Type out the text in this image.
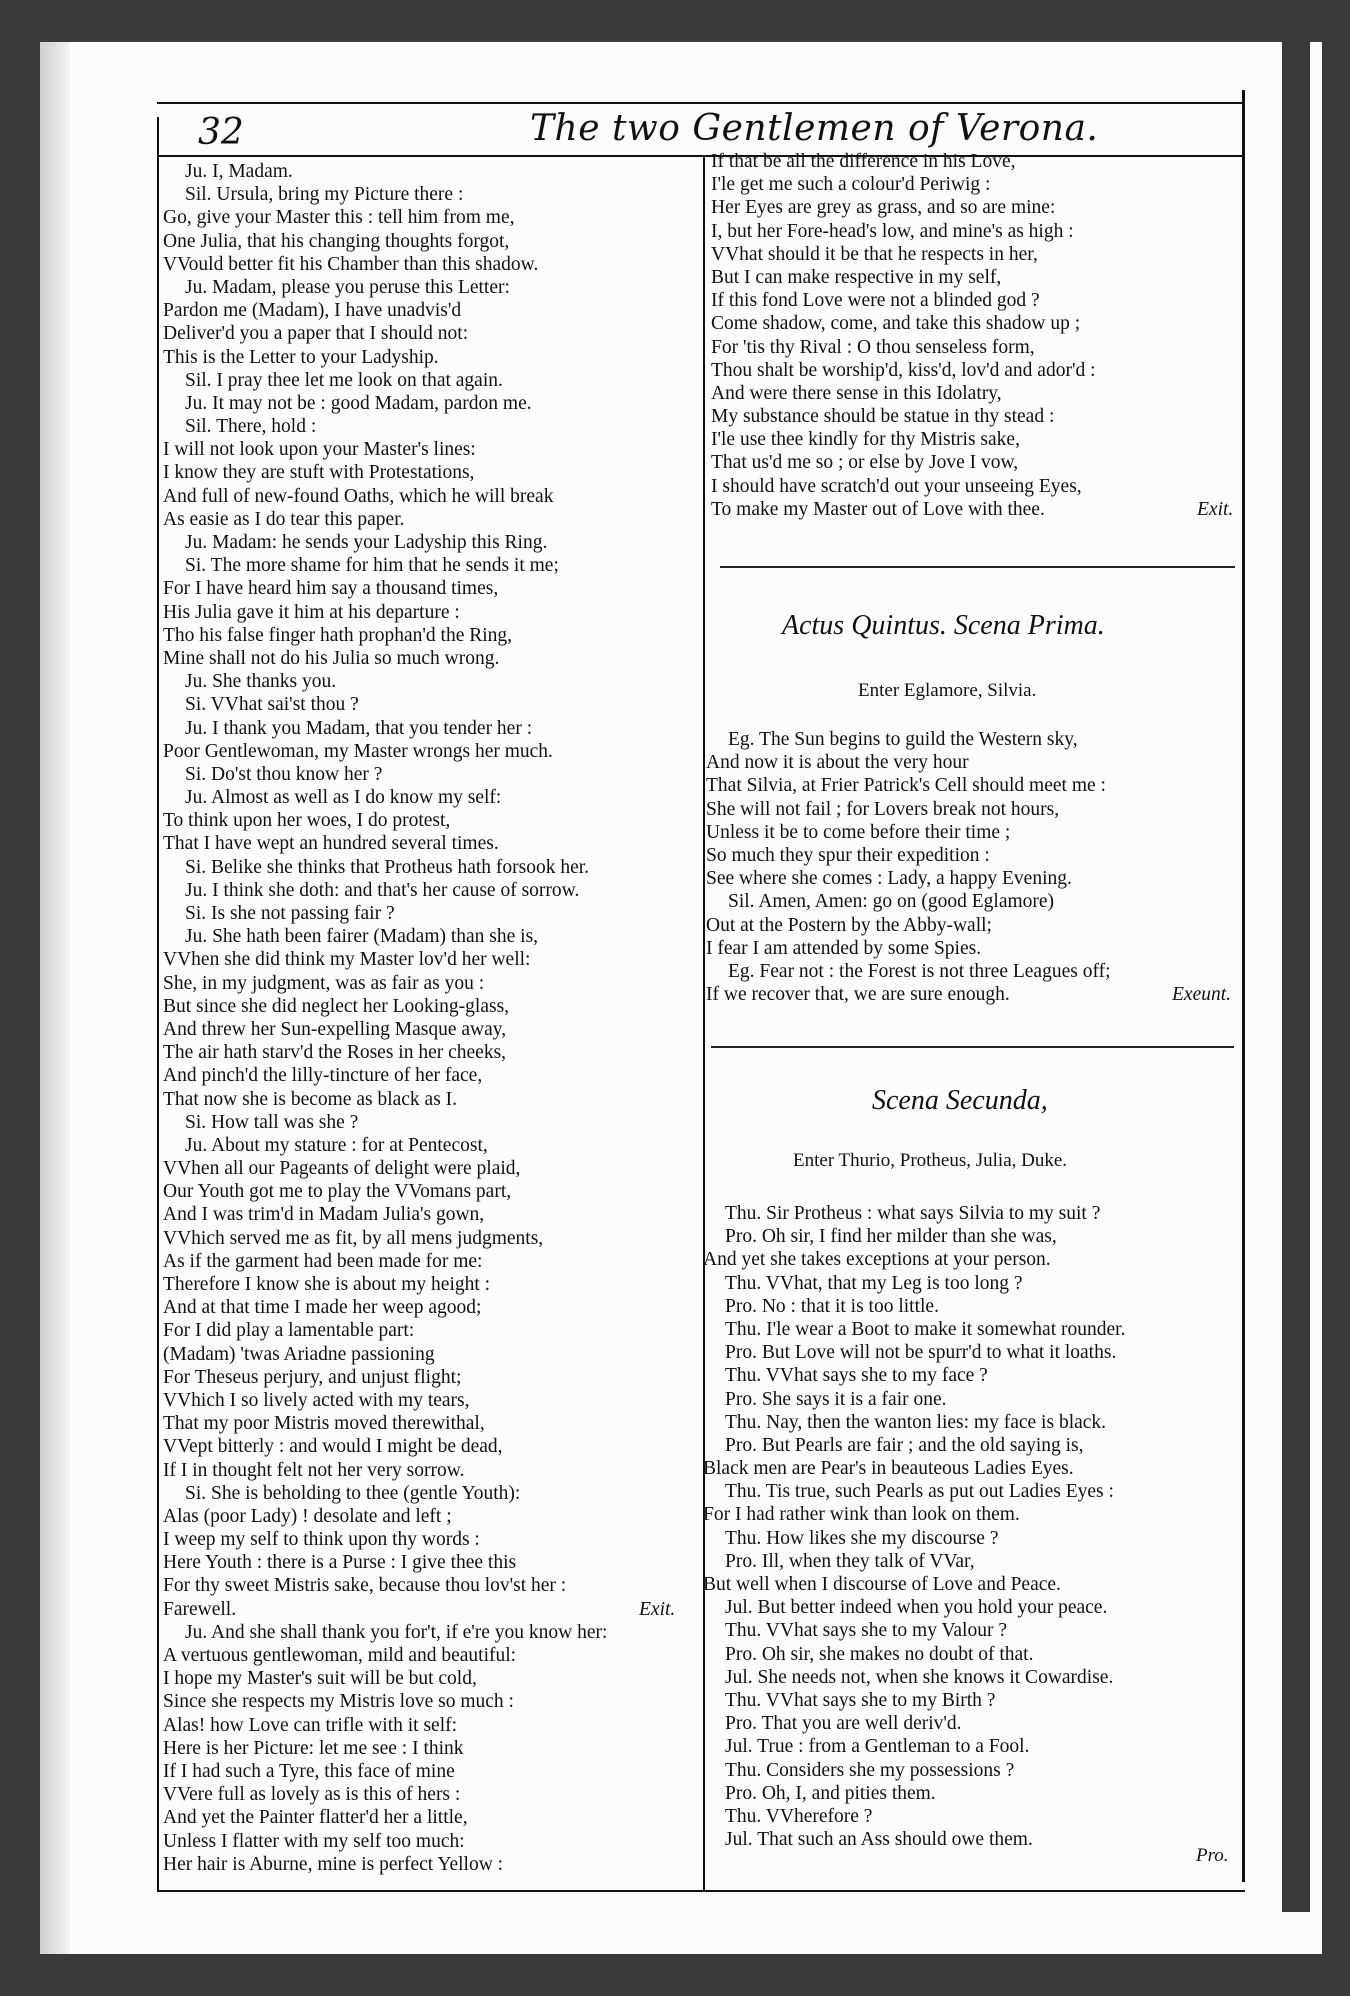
32	The two Gentlemen of Verona.
Ju. I, Madam.
Sil. Ursula, bring my Picture there :
Go, give your Master this : tell him from me,
One Julia, that his changing thoughts forgot,
VVould better fit his Chamber than this shadow.
Ju. Madam, please you peruse this Letter:
Pardon me (Madam), I have unadvis'd
Deliver'd you a paper that I should not:
This is the Letter to your Ladyship.
Sil. I pray thee let me look on that again.
Ju. It may not be : good Madam, pardon me.
Sil. There, hold :
I will not look upon your Master's lines:
I know they are stuft with Protestations,
And full of new-found Oaths, which he will break
As easie as I do tear this paper.
Ju. Madam: he sends your Ladyship this Ring.
Si. The more shame for him that he sends it me;
For I have heard him say a thousand times,
His Julia gave it him at his departure :
Tho his false finger hath prophan'd the Ring,
Mine shall not do his Julia so much wrong.
Ju. She thanks you.
Si. VVhat sai'st thou ?
Ju. I thank you Madam, that you tender her :
Poor Gentlewoman, my Master wrongs her much.
Si. Do'st thou know her ?
Ju. Almost as well as I do know my self:
To think upon her woes, I do protest,
That I have wept an hundred several times.
Si. Belike she thinks that Protheus hath forsook her.
Ju. I think she doth: and that's her cause of sorrow.
Si. Is she not passing fair ?
Ju. She hath been fairer (Madam) than she is,
VVhen she did think my Master lov'd her well:
She, in my judgment, was as fair as you :
But since she did neglect her Looking-glass,
And threw her Sun-expelling Masque away,
The air hath starv'd the Roses in her cheeks,
And pinch'd the lilly-tincture of her face,
That now she is become as black as I.
Si. How tall was she ?
Ju. About my stature : for at Pentecost,
VVhen all our Pageants of delight were plaid,
Our Youth got me to play the VVomans part,
And I was trim'd in Madam Julia's gown,
VVhich served me as fit, by all mens judgments,
As if the garment had been made for me:
Therefore I know she is about my height :
And at that time I made her weep agood;
For I did play a lamentable part:
(Madam) 'twas Ariadne passioning
For Theseus perjury, and unjust flight;
VVhich I so lively acted with my tears,
That my poor Mistris moved therewithal,
VVept bitterly : and would I might be dead,
If I in thought felt not her very sorrow.
Si. She is beholding to thee (gentle Youth):
Alas (poor Lady) ! desolate and left ;
I weep my self to think upon thy words :
Here Youth : there is a Purse : I give thee this
For thy sweet Mistris sake, because thou lov'st her :
Farewell.	Exit.
Ju. And she shall thank you for't, if e're you know her:
A vertuous gentlewoman, mild and beautiful:
I hope my Master's suit will be but cold,
Since she respects my Mistris love so much :
Alas! how Love can trifle with it self:
Here is her Picture: let me see : I think
If I had such a Tyre, this face of mine
VVere full as lovely as is this of hers :
And yet the Painter flatter'd her a little,
Unless I flatter with my self too much:
Her hair is Aburne, mine is perfect Yellow :
If that be all the difference in his Love,
I'le get me such a colour'd Periwig :
Her Eyes are grey as grass, and so are mine:
I, but her Fore-head's low, and mine's as high :
VVhat should it be that he respects in her,
But I can make respective in my self,
If this fond Love were not a blinded god ?
Come shadow, come, and take this shadow up ;
For 'tis thy Rival : O thou senseless form,
Thou shalt be worship'd, kiss'd, lov'd and ador'd :
And were there sense in this Idolatry,
My substance should be statue in thy stead :
I'le use thee kindly for thy Mistris sake,
That us'd me so ; or else by Jove I vow,
I should have scratch'd out your unseeing Eyes,
To make my Master out of Love with thee.	Exit.
Actus Quintus. Scena Prima.
Enter Eglamore, Silvia.
Eg. The Sun begins to guild the Western sky,
And now it is about the very hour
That Silvia, at Frier Patrick's Cell should meet me :
She will not fail ; for Lovers break not hours,
Unless it be to come before their time ;
So much they spur their expedition :
See where she comes : Lady, a happy Evening.
Sil. Amen, Amen: go on (good Eglamore)
Out at the Postern by the Abby-wall;
I fear I am attended by some Spies.
Eg. Fear not : the Forest is not three Leagues off;
If we recover that, we are sure enough.	Exeunt.
Scena Secunda,
Enter Thurio, Protheus, Julia, Duke.
Thu. Sir Protheus : what says Silvia to my suit ?
Pro. Oh sir, I find her milder than she was,
And yet she takes exceptions at your person.
Thu. VVhat, that my Leg is too long ?
Pro. No : that it is too little.
Thu. I'le wear a Boot to make it somewhat rounder.
Pro. But Love will not be spurr'd to what it loaths.
Thu. VVhat says she to my face ?
Pro. She says it is a fair one.
Thu. Nay, then the wanton lies: my face is black.
Pro. But Pearls are fair ; and the old saying is,
Black men are Pear's in beauteous Ladies Eyes.
Thu. Tis true, such Pearls as put out Ladies Eyes :
For I had rather wink than look on them.
Thu. How likes she my discourse ?
Pro. Ill, when they talk of VVar,
But well when I discourse of Love and Peace.
Jul. But better indeed when you hold your peace.
Thu. VVhat says she to my Valour ?
Pro. Oh sir, she makes no doubt of that.
Jul. She needs not, when she knows it Cowardise.
Thu. VVhat says she to my Birth ?
Pro. That you are well deriv'd.
Jul. True : from a Gentleman to a Fool.
Thu. Considers she my possessions ?
Pro. Oh, I, and pities them.
Thu. VVherefore ?
Jul. That such an Ass should owe them.
Pro.
